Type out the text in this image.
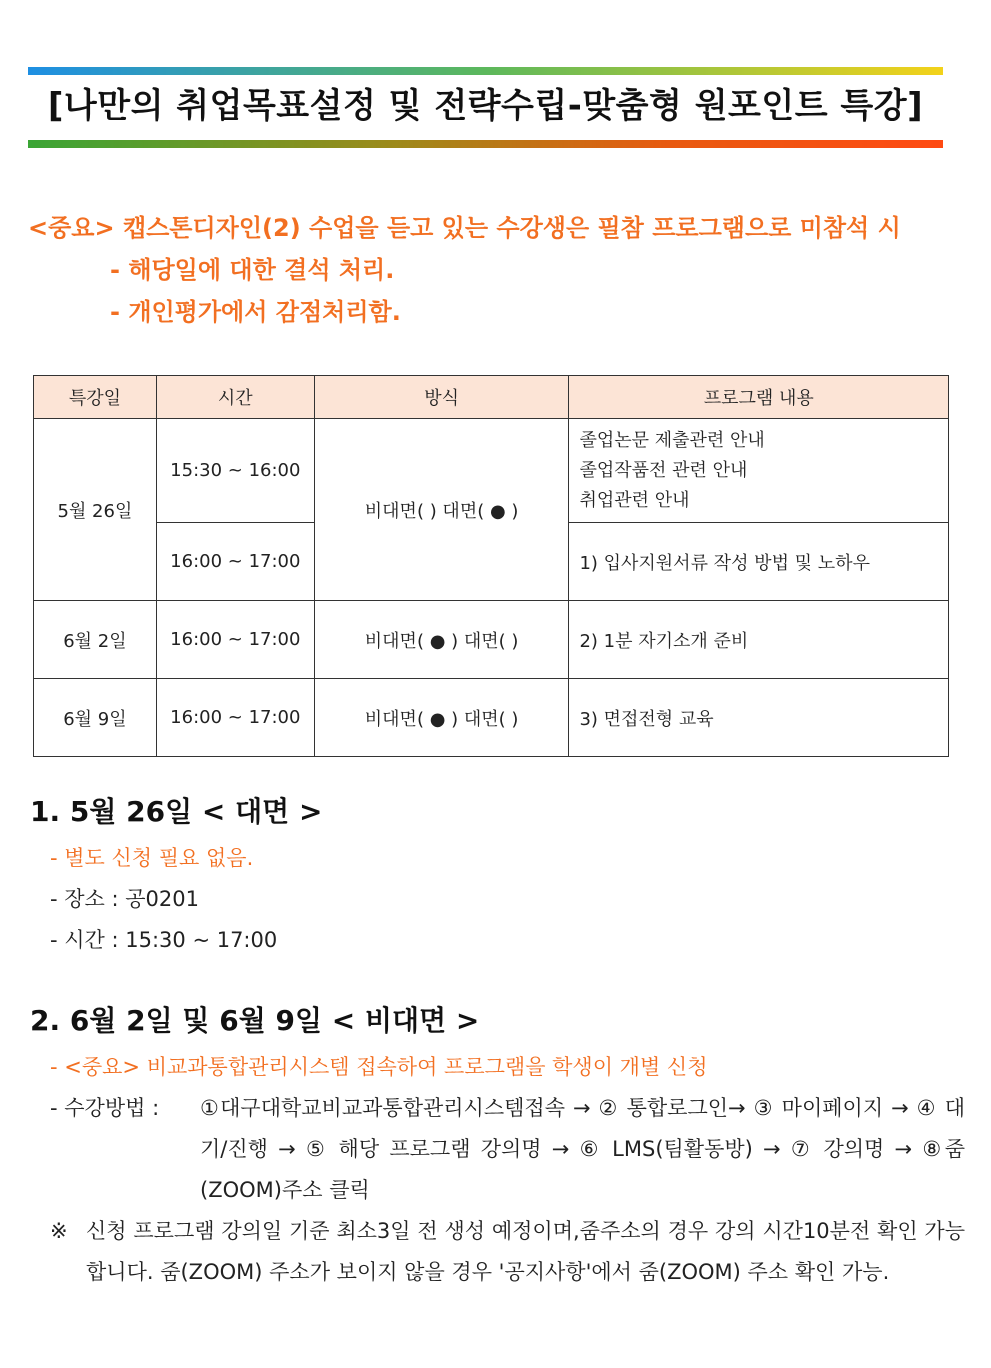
[나만의 취업목표설정 및 전략수립-맞춤형 원포인트 특강]
<중요> 캡스톤디자인(2) 수업을 듣고 있는 수강생은 필참 프로그램으로 미참석 시
- 해당일에 대한 결석 처리.
- 개인평가에서 감점처리함.
특강일	시간	방식	프로그램 내용
5월 26일	15:30 ~ 16:00	비대면( ) 대면( ● )	졸업논문 제출관련 안내
졸업작품전 관련 안내
취업관련 안내

	16:00 ~ 17:00		1) 입사지원서류 작성 방법 및 노하우
6월 2일	16:00 ~ 17:00	비대면( ● ) 대면( )	2) 1분 자기소개 준비
6월 9일	16:00 ~ 17:00	비대면( ● ) 대면( )	3) 면접전형 교육
1. 5월 26일 < 대면 >
- 별도 신청 필요 없음.
- 장소 : 공0201
- 시간 : 15:30 ~ 17:00
2. 6월 2일 및 6월 9일 < 비대면 >
- <중요> 비교과통합관리시스템 접속하여 프로그램을 학생이 개별 신청
- 수강방법 :	①대구대학교비교과통합관리시스템접속 → ② 통합로그인→ ③ 마이페이지 → ④ 대기/진행 → ⑤ 해당 프로그램 강의명 → ⑥ LMS(팀활동방) → ⑦ 강의명 → ⑧줌(ZOOM)주소 클릭
※ 신청 프로그램 강의일 기준 최소3일 전 생성 예정이며,줌주소의 경우 강의 시간10분전 확인 가능합니다. 줌(ZOOM) 주소가 보이지 않을 경우 '공지사항'에서 줌(ZOOM) 주소 확인 가능.
